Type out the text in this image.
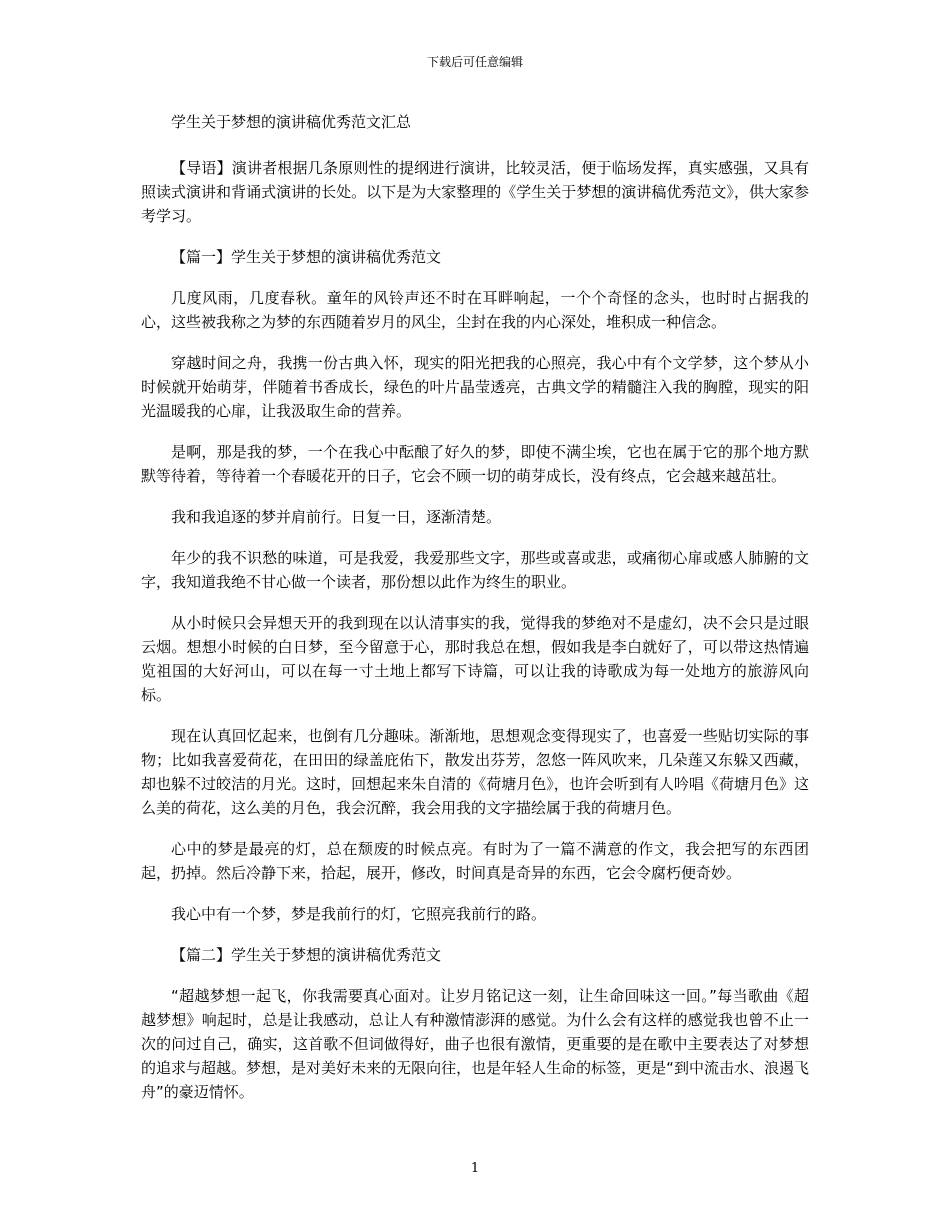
下载后可任意编辑

学生关于梦想的演讲稿优秀范文汇总

【导语】演讲者根据几条原则性的提纲进行演讲，比较灵活，便于临场发挥，真实感强，又具有照读式演讲和背诵式演讲的长处。以下是为大家整理的《学生关于梦想的演讲稿优秀范文》，供大家参考学习。

【篇一】学生关于梦想的演讲稿优秀范文

几度风雨，几度春秋。童年的风铃声还不时在耳畔响起，一个个奇怪的念头，也时时占据我的心，这些被我称之为梦的东西随着岁月的风尘，尘封在我的内心深处，堆积成一种信念。

穿越时间之舟，我携一份古典入怀，现实的阳光把我的心照亮，我心中有个文学梦，这个梦从小时候就开始萌芽，伴随着书香成长，绿色的叶片晶莹透亮，古典文学的精髓注入我的胸膛，现实的阳光温暖我的心扉，让我汲取生命的营养。

是啊，那是我的梦，一个在我心中酝酿了好久的梦，即使不满尘埃，它也在属于它的那个地方默默等待着，等待着一个春暖花开的日子，它会不顾一切的萌芽成长，没有终点，它会越来越茁壮。

我和我追逐的梦并肩前行。日复一日，逐渐清楚。

年少的我不识愁的味道，可是我爱，我爱那些文字，那些或喜或悲，或痛彻心扉或感人肺腑的文字，我知道我绝不甘心做一个读者，那份想以此作为终生的职业。

从小时候只会异想天开的我到现在以认清事实的我，觉得我的梦绝对不是虚幻，决不会只是过眼云烟。想想小时候的白日梦，至今留意于心，那时我总在想，假如我是李白就好了，可以带这热情遍览祖国的大好河山，可以在每一寸土地上都写下诗篇，可以让我的诗歌成为每一处地方的旅游风向标。

现在认真回忆起来，也倒有几分趣味。渐渐地，思想观念变得现实了，也喜爱一些贴切实际的事物；比如我喜爱荷花，在田田的绿盖庇佑下，散发出芬芳，忽悠一阵风吹来，几朵莲又东躲又西藏，却也躲不过皎洁的月光。这时，回想起来朱自清的《荷塘月色》，也许会听到有人吟唱《荷塘月色》这么美的荷花，这么美的月色，我会沉醉，我会用我的文字描绘属于我的荷塘月色。

心中的梦是最亮的灯，总在颓废的时候点亮。有时为了一篇不满意的作文，我会把写的东西团起，扔掉。然后冷静下来，拾起，展开，修改，时间真是奇异的东西，它会令腐朽便奇妙。

我心中有一个梦，梦是我前行的灯，它照亮我前行的路。

【篇二】学生关于梦想的演讲稿优秀范文

“超越梦想一起飞，你我需要真心面对。让岁月铭记这一刻，让生命回味这一回。”每当歌曲《超越梦想》响起时，总是让我感动，总让人有种激情澎湃的感觉。为什么会有这样的感觉我也曾不止一次的问过自己，确实，这首歌不但词做得好，曲子也很有激情，更重要的是在歌中主要表达了对梦想的追求与超越。梦想，是对美好未来的无限向往，也是年轻人生命的标签，更是“到中流击水、浪遏飞舟”的豪迈情怀。

1
